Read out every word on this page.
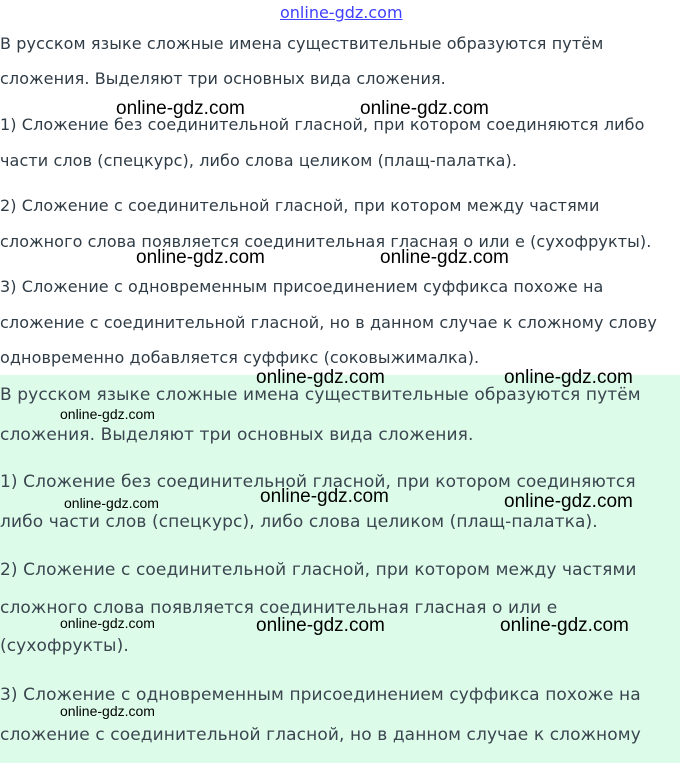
online-gdz.com
В русском языке сложные имена существительные образуются путём
сложения. Выделяют три основных вида сложения.
1) Сложение без соединительной гласной, при котором соединяются либо
части слов (спецкурс), либо слова целиком (плащ-палатка).
2) Сложение с соединительной гласной, при котором между частями
сложного слова появляется соединительная гласная о или е (сухофрукты).
3) Сложение с одновременным присоединением суффикса похоже на
сложение с соединительной гласной, но в данном случае к сложному слову
одновременно добавляется суффикс (соковыжималка).
В русском языке сложные имена существительные образуются путём
сложения. Выделяют три основных вида сложения.
1) Сложение без соединительной гласной, при котором соединяются
либо части слов (спецкурс), либо слова целиком (плащ-палатка).
2) Сложение с соединительной гласной, при котором между частями
сложного слова появляется соединительная гласная о или е
(сухофрукты).
3) Сложение с одновременным присоединением суффикса похоже на
сложение с соединительной гласной, но в данном случае к сложному
online-gdz.com	online-gdz.com
online-gdz.com	online-gdz.com
online-gdz.com	online-gdz.com
online-gdz.com
online-gdz.com	online-gdz.com
online-gdz.com
online-gdz.com	online-gdz.com	online-gdz.com
online-gdz.com
